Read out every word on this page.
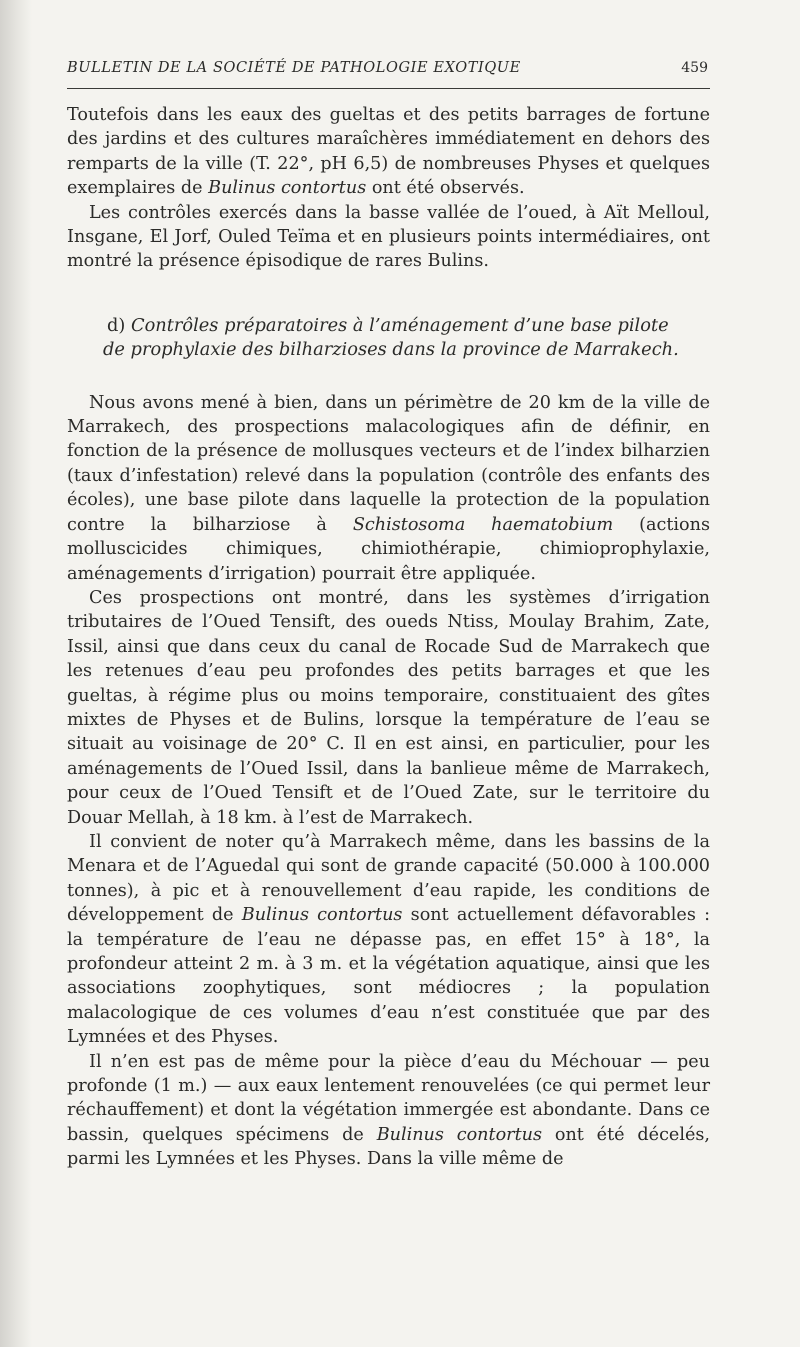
BULLETIN DE LA SOCIÉTÉ DE PATHOLOGIE EXOTIQUE	459

Toutefois dans les eaux des gueltas et des petits barrages de fortune des jardins et des cultures maraîchères immédiatement en dehors des remparts de la ville (T. 22°, pH 6,5) de nombreuses Physes et quelques exemplaires de Bulinus contortus ont été observés.

Les contrôles exercés dans la basse vallée de l’oued, à Aït Melloul, Insgane, El Jorf, Ouled Teïma et en plusieurs points intermédiaires, ont montré la présence épisodique de rares Bulins.

d) Contrôles préparatoires à l’aménagement d’une base pilote
de prophylaxie des bilharzioses dans la province de Marrakech.

Nous avons mené à bien, dans un périmètre de 20 km de la ville de Marrakech, des prospections malacologiques afin de définir, en fonction de la présence de mollusques vecteurs et de l’index bilharzien (taux d’infestation) relevé dans la population (contrôle des enfants des écoles), une base pilote dans laquelle la protection de la population contre la bilharziose à Schistosoma haematobium (actions molluscicides chimiques, chimiothérapie, chimioprophylaxie, aménagements d’irrigation) pourrait être appliquée.

Ces prospections ont montré, dans les systèmes d’irrigation tributaires de l’Oued Tensift, des oueds Ntiss, Moulay Brahim, Zate, Issil, ainsi que dans ceux du canal de Rocade Sud de Marrakech que les retenues d’eau peu profondes des petits barrages et que les gueltas, à régime plus ou moins temporaire, constituaient des gîtes mixtes de Physes et de Bulins, lorsque la température de l’eau se situait au voisinage de 20° C. Il en est ainsi, en particulier, pour les aménagements de l’Oued Issil, dans la banlieue même de Marrakech, pour ceux de l’Oued Tensift et de l’Oued Zate, sur le territoire du Douar Mellah, à 18 km. à l’est de Marrakech.

Il convient de noter qu’à Marrakech même, dans les bassins de la Menara et de l’Aguedal qui sont de grande capacité (50.000 à 100.000 tonnes), à pic et à renouvellement d’eau rapide, les conditions de développement de Bulinus contortus sont actuellement défavorables : la température de l’eau ne dépasse pas, en effet 15° à 18°, la profondeur atteint 2 m. à 3 m. et la végétation aquatique, ainsi que les associations zoophytiques, sont médiocres ; la population malacologique de ces volumes d’eau n’est constituée que par des Lymnées et des Physes.

Il n’en est pas de même pour la pièce d’eau du Méchouar — peu profonde (1 m.) — aux eaux lentement renouvelées (ce qui permet leur réchauffement) et dont la végétation immergée est abondante. Dans ce bassin, quelques spécimens de Bulinus contortus ont été décelés, parmi les Lymnées et les Physes. Dans la ville même de
